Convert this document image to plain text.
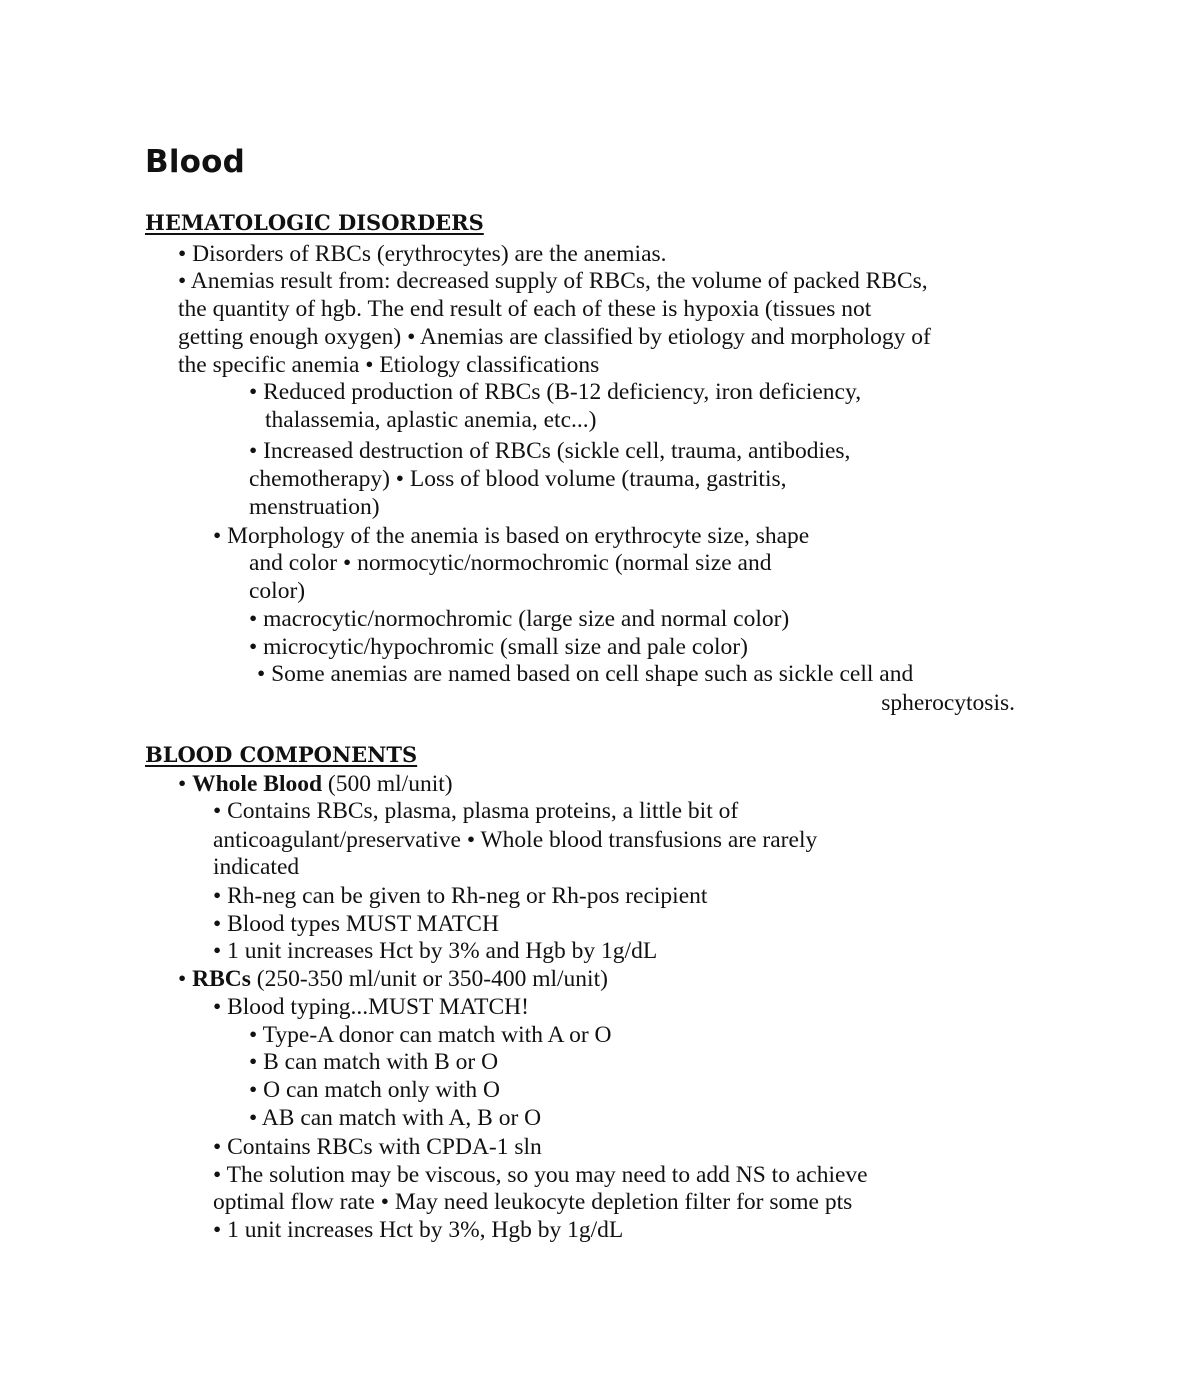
Blood
HEMATOLOGIC DISORDERS

• Disorders of RBCs (erythrocytes) are the anemias.

• Anemias result from: decreased supply of RBCs, the volume of packed RBCs,

the quantity of hgb. The end result of each of these is hypoxia (tissues not

getting enough oxygen) • Anemias are classified by etiology and morphology of

the specific anemia • Etiology classifications

• Reduced production of RBCs (B-12 deficiency, iron deficiency,

thalassemia, aplastic anemia, etc...)

• Increased destruction of RBCs (sickle cell, trauma, antibodies,

chemotherapy) • Loss of blood volume (trauma, gastritis,

menstruation)

• Morphology of the anemia is based on erythrocyte size, shape

and color • normocytic/normochromic (normal size and

color)

• macrocytic/normochromic (large size and normal color)

• microcytic/hypochromic (small size and pale color)

• Some anemias are named based on cell shape such as sickle cell and

spherocytosis.

BLOOD COMPONENTS

• Whole Blood (500 ml/unit)

• Contains RBCs, plasma, plasma proteins, a little bit of

anticoagulant/preservative • Whole blood transfusions are rarely

indicated

• Rh-neg can be given to Rh-neg or Rh-pos recipient

• Blood types MUST MATCH

• 1 unit increases Hct by 3% and Hgb by 1g/dL

• RBCs (250-350 ml/unit or 350-400 ml/unit)

• Blood typing...MUST MATCH!

• Type-A donor can match with A or O

• B can match with B or O

• O can match only with O

• AB can match with A, B or O

• Contains RBCs with CPDA-1 sln

• The solution may be viscous, so you may need to add NS to achieve

optimal flow rate • May need leukocyte depletion filter for some pts

• 1 unit increases Hct by 3%, Hgb by 1g/dL
